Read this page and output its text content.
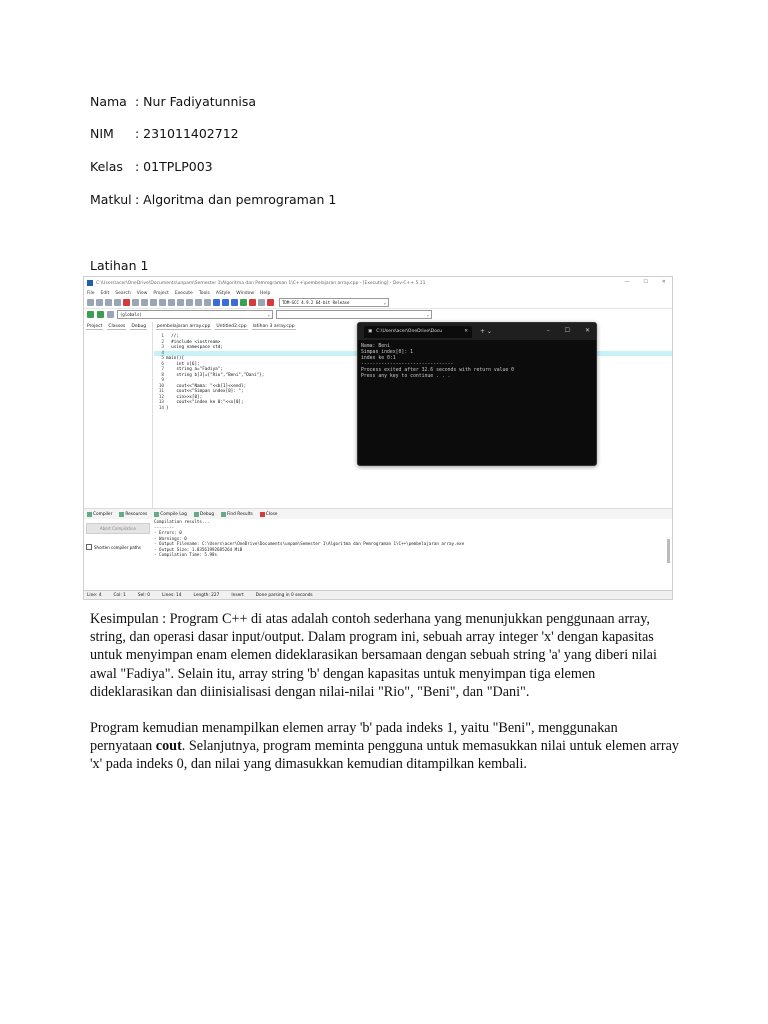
Nama : Nur Fadiyatunnisa
NIM : 231011402712
Kelas : 01TPLP003
Matkul : Algoritma dan pemrograman 1
Latihan 1
C:\Users\acer\OneDrive\Documents\unpam\Semester 1\Algoritma dan Pemrograman 1\C++\pembelajaran array.cpp - [Executing] - Dev-C++ 5.11	—	☐	✕
File Edit Search View Project Execute Tools AStyle Window Help
TDM-GCC 4.9.2 64-bit Release	⌄
(globals)	⌄	⌄
Project Classes Debug pembelajaran array.cpp Untitled2.cpp latihan 3 array.cpp
1 //;
2 #include <iostream>
3 using namespace std;
4
5 main(){
6 int x[6];
7 string a="Fadiya";
8 string b[3]={"Rio","Beni","Dani"};
9
10 cout<<"Nama: "<<b[1]<<endl;
11 cout<<"Simpan index[0]: ";
12 cin>>x[0];
13 cout<<"index ke 0:"<<x[0];
14 }
▣ C:\Users\acer\OneDrive\Docu	✕ + ⌄	–	☐	✕
Nama: Beni
Simpan index[0]: 1
index ke 0:1
--------------------------------
Process exited after 32.6 seconds with return value 0
Press any key to continue . . .
Compiler	Resources	Compile Log	Debug	Find Results	Close
Abort Compilation
Shorten compiler paths
Compilation results...
--------
- Errors: 0
- Warnings: 0
- Output Filename: C:\Users\acer\OneDrive\Documents\unpam\Semester 1\Algoritma dan Pemrograman 1\C++\pembelajaran array.exe
- Output Size: 1.83561992685264 MiB
- Compilation Time: 5.98s
Line: 4	Col: 1	Sel: 0	Lines: 14	Length: 227	Insert	Done parsing in 0 seconds
Kesimpulan : Program C++ di atas adalah contoh sederhana yang menunjukkan penggunaan array, string, dan operasi dasar input/output. Dalam program ini, sebuah array integer 'x' dengan kapasitas untuk menyimpan enam elemen dideklarasikan bersamaan dengan sebuah string 'a' yang diberi nilai awal "Fadiya". Selain itu, array string 'b' dengan kapasitas untuk menyimpan tiga elemen dideklarasikan dan diinisialisasi dengan nilai-nilai "Rio", "Beni", dan "Dani".
Program kemudian menampilkan elemen array 'b' pada indeks 1, yaitu "Beni", menggunakan pernyataan cout. Selanjutnya, program meminta pengguna untuk memasukkan nilai untuk elemen array 'x' pada indeks 0, dan nilai yang dimasukkan kemudian ditampilkan kembali.
